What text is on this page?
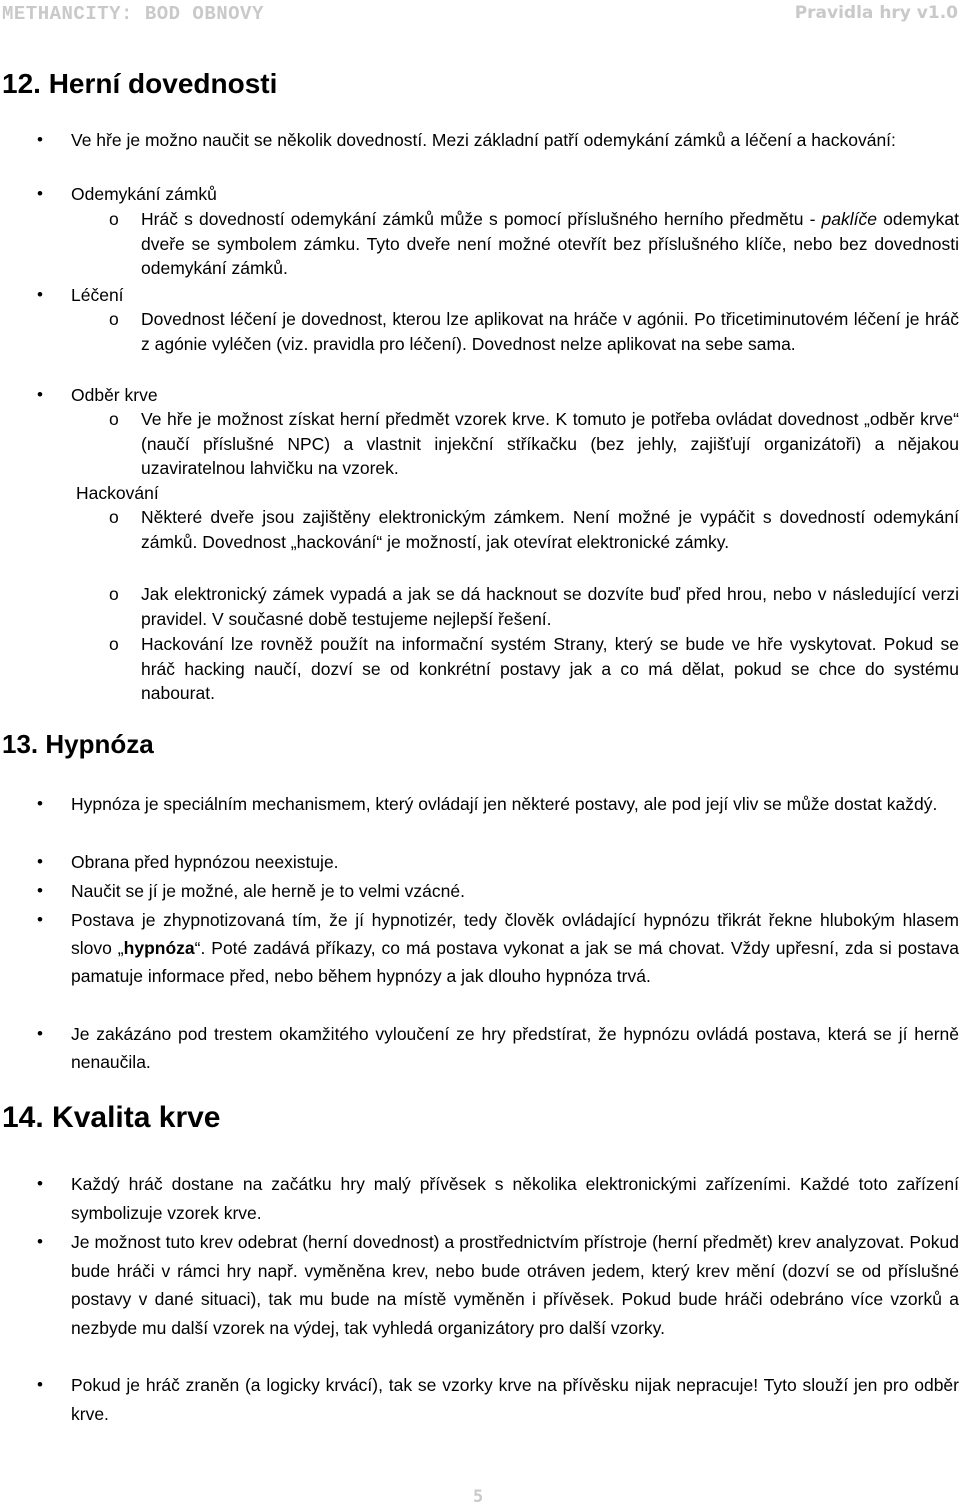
METHANCITY: BOD OBNOVY	Pravidla hry v1.0
12. Herní dovednosti
• Ve hře je možno naučit se několik dovedností. Mezi základní patří odemykání zámků a léčení a hackování:
• Odemykání zámků
o Hráč s dovedností odemykání zámků může s pomocí příslušného herního předmětu - paklíče odemykat dveře se symbolem zámku. Tyto dveře není možné otevřít bez příslušného klíče, nebo bez dovednosti odemykání zámků.
• Léčení
o Dovednost léčení je dovednost, kterou lze aplikovat na hráče v agónii. Po třicetiminutovém léčení je hráč z agónie vyléčen (viz. pravidla pro léčení). Dovednost nelze aplikovat na sebe sama.
• Odběr krve
o Ve hře je možnost získat herní předmět vzorek krve. K tomuto je potřeba ovládat dovednost „odběr krve“ (naučí příslušné NPC) a vlastnit injekční stříkačku (bez jehly, zajišťují organizátoři) a nějakou uzaviratelnou lahvičku na vzorek.
Hackování
o Některé dveře jsou zajištěny elektronickým zámkem. Není možné je vypáčit s dovedností odemykání zámků. Dovednost „hackování“ je možností, jak otevírat elektronické zámky.
o Jak elektronický zámek vypadá a jak se dá hacknout se dozvíte buď před hrou, nebo v následující verzi pravidel. V současné době testujeme nejlepší řešení.
o Hackování lze rovněž použít na informační systém Strany, který se bude ve hře vyskytovat. Pokud se hráč hacking naučí, dozví se od konkrétní postavy jak a co má dělat, pokud se chce do systému nabourat.
13. Hypnóza
• Hypnóza je speciálním mechanismem, který ovládají jen některé postavy, ale pod její vliv se může dostat každý.
• Obrana před hypnózou neexistuje.
• Naučit se jí je možné, ale herně je to velmi vzácné.
• Postava je zhypnotizovaná tím, že jí hypnotizér, tedy člověk ovládající hypnózu třikrát řekne hlubokým hlasem slovo „hypnóza“. Poté zadává příkazy, co má postava vykonat a jak se má chovat. Vždy upřesní, zda si postava pamatuje informace před, nebo během hypnózy a jak dlouho hypnóza trvá.
• Je zakázáno pod trestem okamžitého vyloučení ze hry předstírat, že hypnózu ovládá postava, která se jí herně nenaučila.
14. Kvalita krve
• Každý hráč dostane na začátku hry malý přívěsek s několika elektronickými zařízeními. Každé toto zařízení symbolizuje vzorek krve.
• Je možnost tuto krev odebrat (herní dovednost) a prostřednictvím přístroje (herní předmět) krev analyzovat. Pokud bude hráči v rámci hry např. vyměněna krev, nebo bude otráven jedem, který krev mění (dozví se od příslušné postavy v dané situaci), tak mu bude na místě vyměněn i přívěsek. Pokud bude hráči odebráno více vzorků a nezbyde mu další vzorek na výdej, tak vyhledá organizátory pro další vzorky.
• Pokud je hráč zraněn (a logicky krvácí), tak se vzorky krve na přívěsku nijak nepracuje! Tyto slouží jen pro odběr krve.
5
